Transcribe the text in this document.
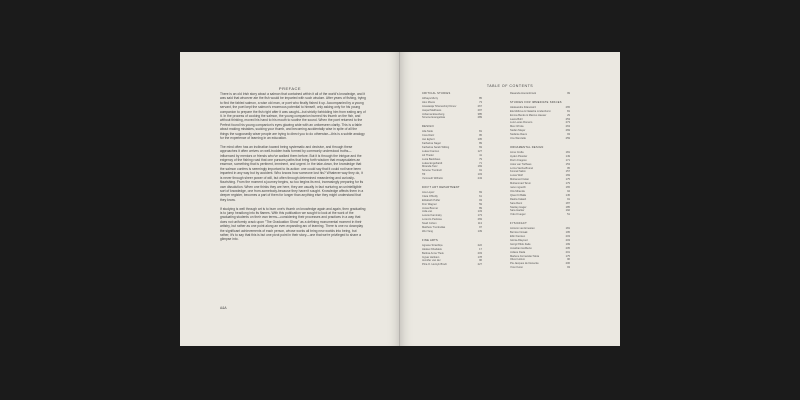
PREFACE

There is an old Irish story about a salmon that contained within it all of the world's knowledge, and it was said that whoever ate the fish would be imparted with such wisdom. After years of fishing, trying to find the fabled salmon, a wise old man, or poet who finally fished it up. Accompanied by a young servant, the poet kept the salmon's enormous potential to himself, only asking only for his young companion to prepare the fish right after it was caught—but strictly forbidding him from eating any of it. In the process of cooking the salmon, the young companion burned his thumb on the fish, and without thinking, moved his hand to his mouth to soothe the sound. When the poet returned to the Perfect found his young companion's eyes glowing wide with an unforeseen clarity. This is a fable about making mistakes, sucking your thumb, and becoming accidentally wise in spite of all the things the supposedly wiser people are trying to direct you to do otherwise—this is a subtle analogy for the experience of learning in an education.

The mind often has an inclination toward being systematic and decisive, and through these approaches it often arrives on well-trodden trails formed by commonly understood truths—influenced by mentors or friends who've walked them before. But it is through the intrigue and the exigency of the fishing road that one pursues paths that bring forth wisdom that encapsulates an essence, something that is pertinent, imminent, and urgent. In the take-down, the knowledge that the salmon confers is seemingly important to its action: one could say that it could not have been imparted in any way but by accident. Who knows how someone lost his? Whatever way they do, it is never through sheer power of will, but often through determined meandering and curiosity-flourishing. From the moment a journey begins, so too begins its end, increasingly preparing for its own dissolution. When one thinks they are here, they are usually in fact nurturing an unintelligible sort of knowledge, one from-somebody-because they haven't sought. Knowledge affects them in a deeper register, becomes a part of them for longer than anything else they might understand that they know.

If studying is well through art is to burn one's thumb on knowledge again and again, then graduating is to jump headlong into its flames. With this publication we sought to look at the work of the graduating students on their own terms—considering their processes and practices in a way that does not uniformly crack upon "The Graduation Show" as a defining monumental moment in their artistry, but rather as one point along an ever-expanding arc of learning. There is one no downplay the significant achievements of each person, whose works all bring new worlds into being, but rather, it's to say that this is but one pivot point in their story—one that we're privileged to share a glimpse into.

A&A
TABLE OF CONTENTS
CRITICAL STUDIES
Abhaya Murty	85
Alex Moore	73
Anastasija Tchereshnij Klimov	267
Jaspal Matthews	297
Johanna Eisenberg	385
Simone Evangelista	289
DESIGN
Aila Stole	81
Cora Dietz	95
Jan Egbert	105
Katharina Nagel	89
Katharina Sarah Wilting	69
Lukas Franzen	127
Lili Theiler	41
Lucia Backhaus	79
Lukas Engelhardt	71
Miranda Tanz	169
Simone Trumbull	91
Till	103
Yarmouth Wilhelm	243
DON'T ART DEPARTMENT
Ana Lopez	69
Clara O'Reilly	61
Elizabeth Pulfer	93
Finn Wagner	59
Jonas Bremer	89
Julia van	133
Leonie Kaminsky	173
Lorenzo Pedrosa	269
Noah Cohen	113
Matthew Trumbullas	97
Wei Yang	139
FINE ARTS
Agnese Strazdiņa	222
Aleksei Kharlakis	17
Bettina Anna Theis	203
Ingvar Hellsten	178
Jennifer van der	96
Pitra O. Henryk Brodt	227
Rasanda Hoorenbrook	99
STUDIES FOR IMMEDIATE SPACES
Aleksandra Zdanowicz	265
Ela Mollova & Natasha Lindenhorst	81
Emma Benko & Marcus Hauser	29
Laura Buhl	253
Luis Lucas Romero	273
Max Orhola	263
Stefan Mayer	269
Stefanie Raum	93
Uns Wenzelle	259
ORNAMENTAL DESIGN
Anne Crella	181
Ayden Plessler	149
Florin Fragoso	171
Jules van Tiefhaus	153
Lorna Vanha-Brunel	95
Konrad Sabin	157
Lucas Wolf	169
Mohamed Celan	175
Muhammad Tarun	179
nano mgoethi	165
Otis Miranda	94
Qiwei Ki Balla	145
Rasha Kalash	91
Sara Remi	187
Stanley Hager	185
Sara Hacker	192
Yoko Krueger	51
FYSICFACT
Antonio van Ernesten	181
Bernice Nowak	195
Ellin Kiersten	203
Gloria Aflayoud	203
Giorgi Pitlok Zade	199
Jonathan Hellberto	205
Juliane Dada	201
Marlene Fernandez Mora	175
Oliver Holum	96
Pia Jacques de Denecke	206
Yoon Kwon	93
